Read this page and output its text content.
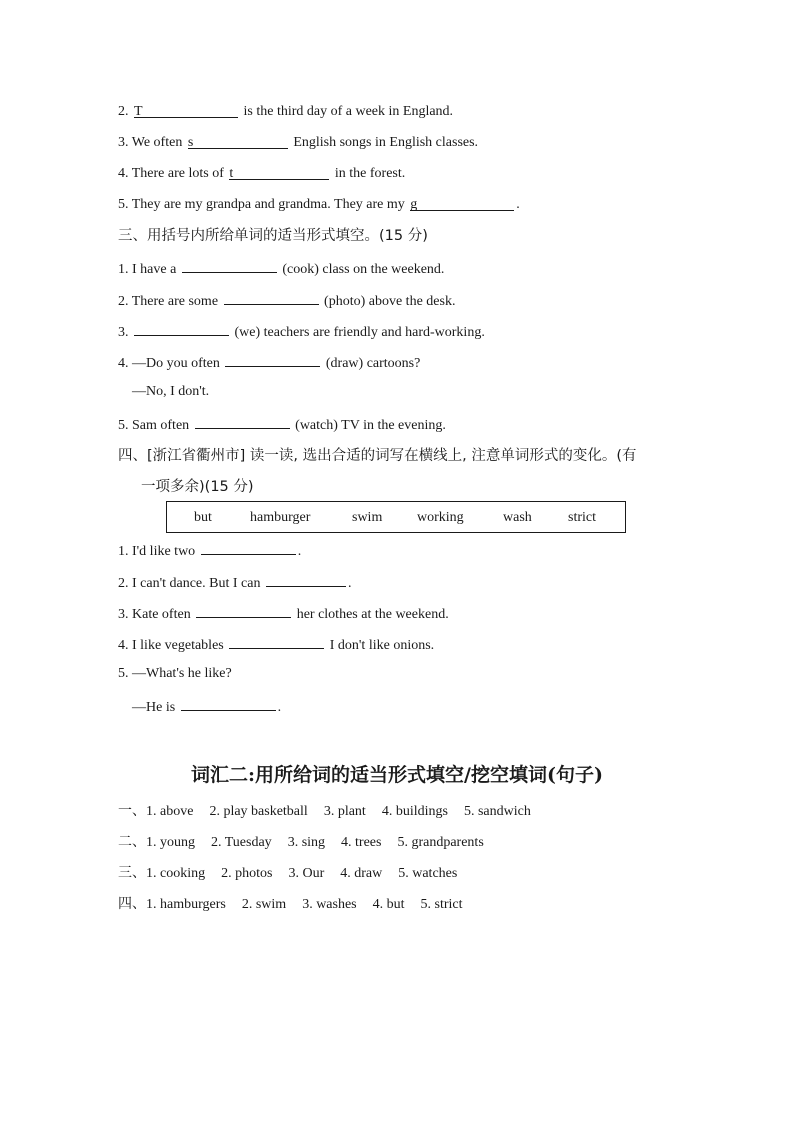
2. T	is the third day of a week in England.
3. We often s	English songs in English classes.
4. There are lots of t	in the forest.
5. They are my grandpa and grandma. They are my g	.
三、用括号内所给单词的适当形式填空。(15 分)
1. I have a	(cook) class on the weekend.
2. There are some	(photo) above the desk.
3.	(we) teachers are friendly and hard-working.
4. —Do you often	(draw) cartoons?
—No, I don't.
5. Sam often	(watch) TV in the evening.
四、[浙江省衢州市] 读一读, 选出合适的词写在横线上, 注意单词形式的变化。(有
一项多余)(15 分)
but	hamburger	swim working	wash	strict
1. I'd like two	.
2. I can't dance. But I can	.
3. Kate often	her clothes at the weekend.
4. I like vegetables	I don't like onions.
5. —What's he like?
—He is	.
词汇二:用所给词的适当形式填空/挖空填词(句子)
一、1. above 2. play basketball 3. plant 4. buildings 5. sandwich
二、1. young 2. Tuesday 3. sing 4. trees 5. grandparents
三、1. cooking 2. photos 3. Our 4. draw 5. watches
四、1. hamburgers 2. swim 3. washes 4. but 5. strict
